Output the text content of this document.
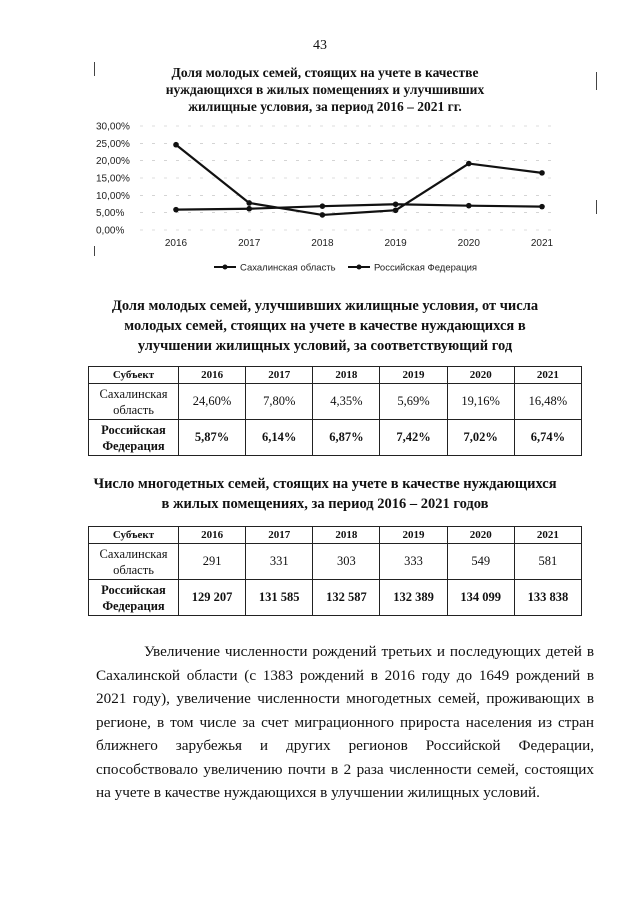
43
Доля молодых семей, стоящих на учете в качестве нуждающихся в жилых помещениях и улучшивших жилищные условия, за период 2016 – 2021 гг.
30,00%
25,00%
20,00%
15,00%
10,00%
5,00%
0,00%
2016	2017	2018	2019	2020	2021
Сахалинская область	Российская Федерация
Доля молодых семей, улучшивших жилищные условия, от числа молодых семей, стоящих на учете в качестве нуждающихся в улучшении жилищных условий, за соответствующий год
Субъект	2016	2017	2018	2019	2020	2021
Сахалинская область	24,60%	7,80%	4,35%	5,69%	19,16%	16,48%
Российская Федерация	5,87%	6,14%	6,87%	7,42%	7,02%	6,74%
Число многодетных семей, стоящих на учете в качестве нуждающихся в жилых помещениях, за период 2016 – 2021 годов
Субъект	2016	2017	2018	2019	2020	2021
Сахалинская область	291	331	303	333	549	581
Российская Федерация	129 207	131 585	132 587	132 389	134 099	133 838
Увеличение численности рождений третьих и последующих детей в Сахалинской области (с 1383 рождений в 2016 году до 1649 рождений в 2021 году), увеличение численности многодетных семей, проживающих в регионе, в том числе за счет миграционного прироста населения из стран ближнего зарубежья и других регионов Российской Федерации, способствовало увеличению почти в 2 раза численности семей, состоящих на учете в качестве нуждающихся в улучшении жилищных условий.
